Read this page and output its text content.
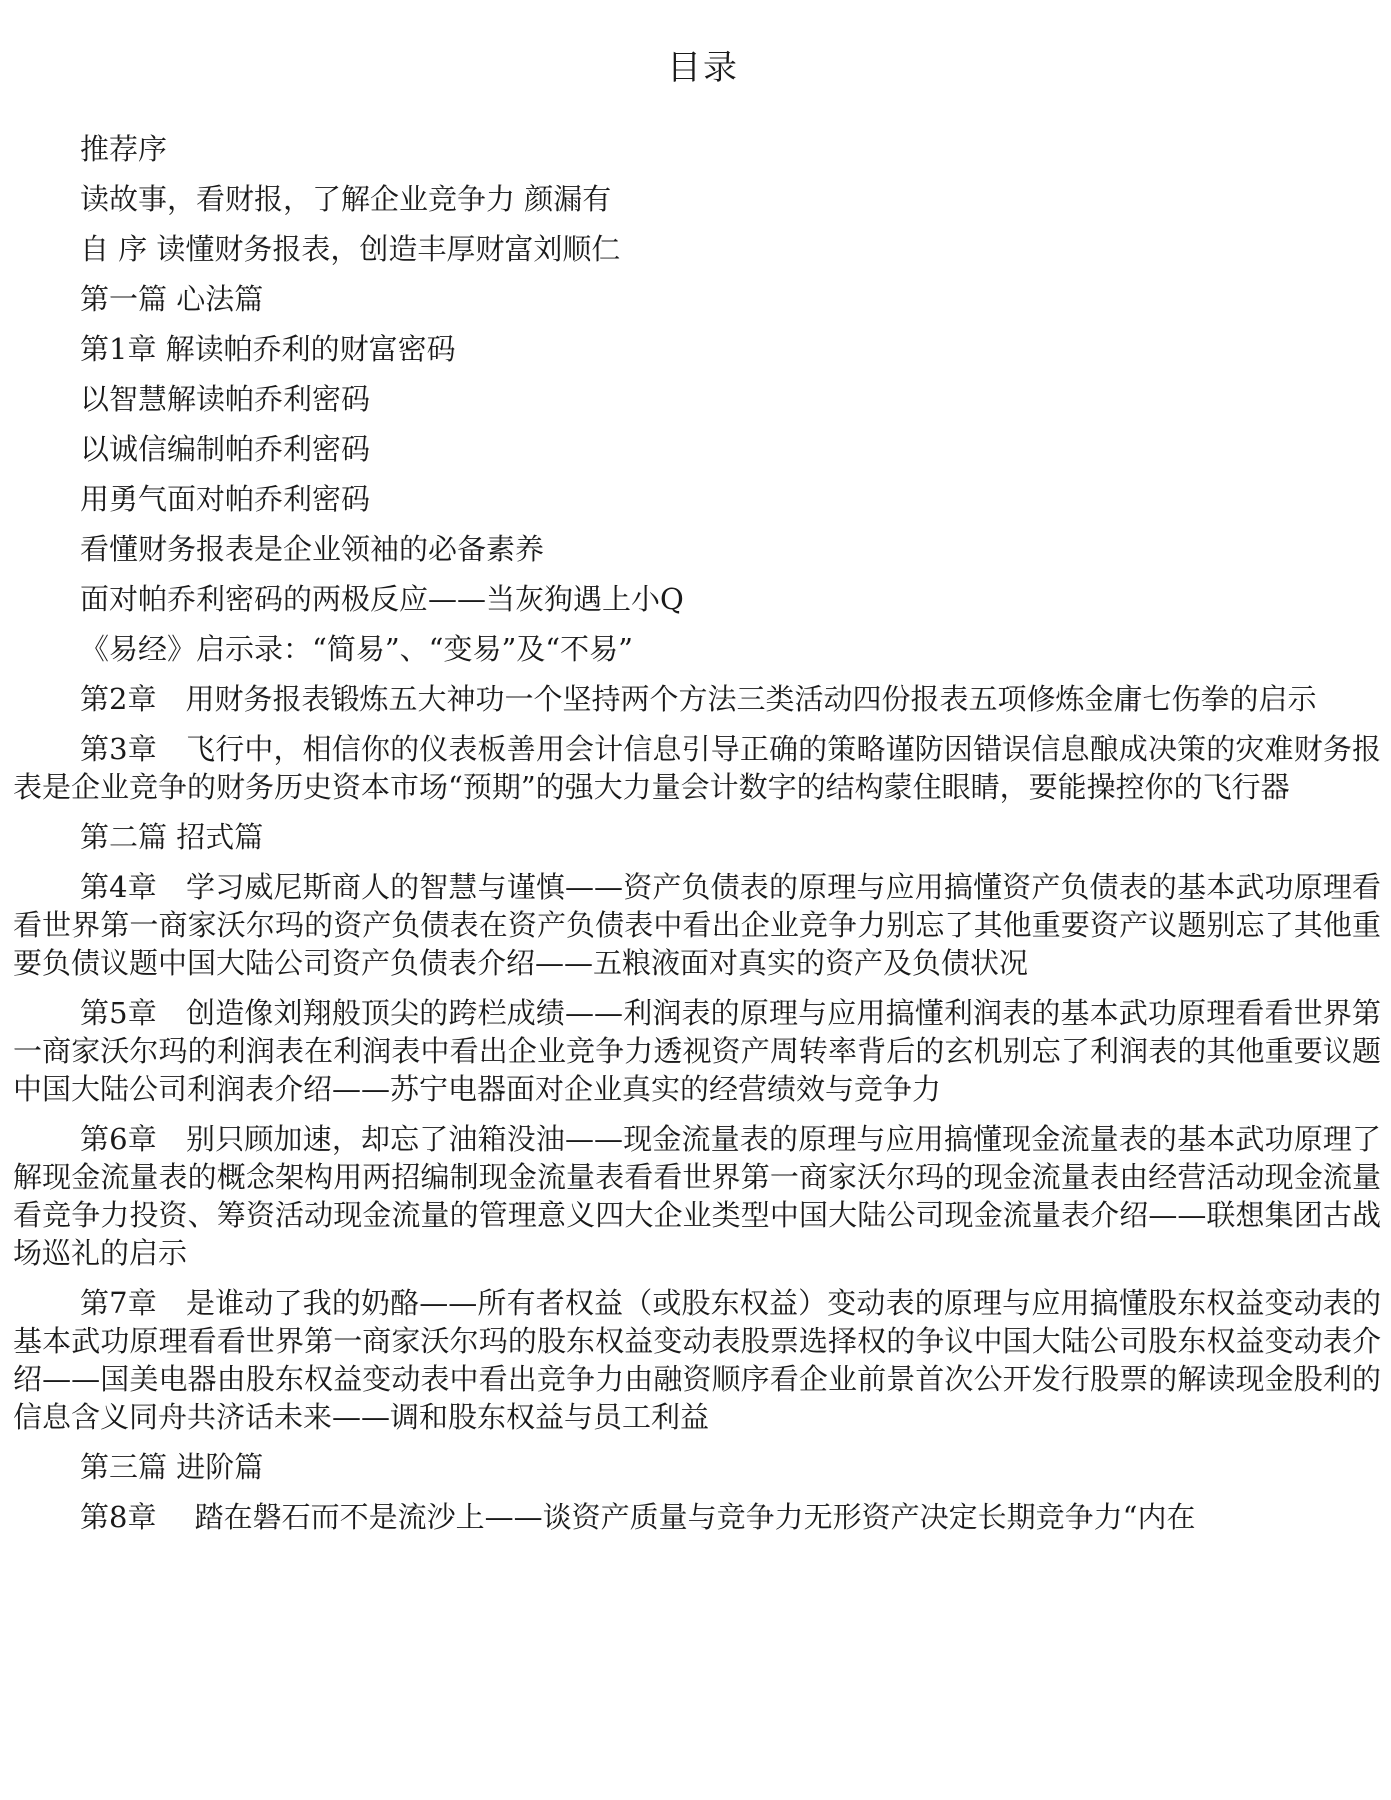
目录
推荐序
读故事，看财报，了解企业竞争力 颜漏有
自 序 读懂财务报表，创造丰厚财富刘顺仁
第一篇 心法篇
第1章 解读帕乔利的财富密码
以智慧解读帕乔利密码
以诚信编制帕乔利密码
用勇气面对帕乔利密码
看懂财务报表是企业领袖的必备素养
面对帕乔利密码的两极反应——当灰狗遇上小Q
《易经》启示录：“简易”、“变易”及“不易”
第2章　用财务报表锻炼五大神功一个坚持两个方法三类活动四份报表五项修炼金庸七伤拳的启示
第3章　飞行中，相信你的仪表板善用会计信息引导正确的策略谨防因错误信息酿成决策的灾难财务报表是企业竞争的财务历史资本市场“预期”的强大力量会计数字的结构蒙住眼睛，要能操控你的飞行器
第二篇 招式篇
第4章　学习威尼斯商人的智慧与谨慎——资产负债表的原理与应用搞懂资产负债表的基本武功原理看看世界第一商家沃尔玛的资产负债表在资产负债表中看出企业竞争力别忘了其他重要资产议题别忘了其他重要负债议题中国大陆公司资产负债表介绍——五粮液面对真实的资产及负债状况
第5章　创造像刘翔般顶尖的跨栏成绩——利润表的原理与应用搞懂利润表的基本武功原理看看世界第一商家沃尔玛的利润表在利润表中看出企业竞争力透视资产周转率背后的玄机别忘了利润表的其他重要议题中国大陆公司利润表介绍——苏宁电器面对企业真实的经营绩效与竞争力
第6章　别只顾加速，却忘了油箱没油——现金流量表的原理与应用搞懂现金流量表的基本武功原理了解现金流量表的概念架构用两招编制现金流量表看看世界第一商家沃尔玛的现金流量表由经营活动现金流量看竞争力投资、筹资活动现金流量的管理意义四大企业类型中国大陆公司现金流量表介绍——联想集团古战场巡礼的启示
第7章　是谁动了我的奶酪——所有者权益（或股东权益）变动表的原理与应用搞懂股东权益变动表的基本武功原理看看世界第一商家沃尔玛的股东权益变动表股票选择权的争议中国大陆公司股东权益变动表介绍——国美电器由股东权益变动表中看出竞争力由融资顺序看企业前景首次公开发行股票的解读现金股利的信息含义同舟共济话未来——调和股东权益与员工利益
第三篇 进阶篇
第8章　 踏在磐石而不是流沙上——谈资产质量与竞争力无形资产决定长期竞争力“内在
